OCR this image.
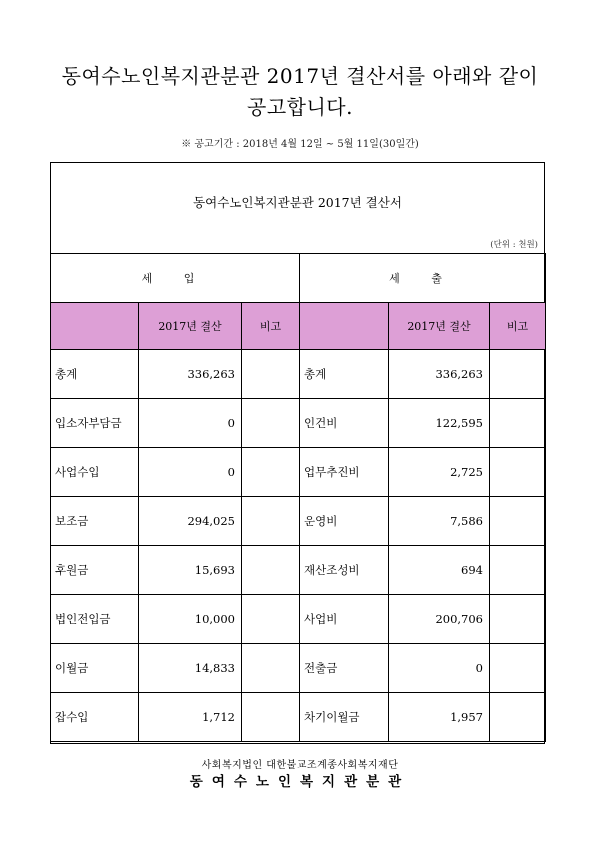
동여수노인복지관분관 2017년 결산서를 아래와 같이
공고합니다.
※ 공고기간 : 2018년 4월 12일 ~ 5월 11일(30일간)
동여수노인복지관분관 2017년 결산서
(단위 : 천원)
세 입			세 출		
	2017년 결산	비고		2017년 결산	비고
총계	336,263		총계	336,263	
입소자부담금	0		인건비	122,595	
사업수입	0		업무추진비	2,725	
보조금	294,025		운영비	7,586	
후원금	15,693		재산조성비	694	
법인전입금	10,000		사업비	200,706	
이월금	14,833		전출금	0	
잡수입	1,712		차기이월금	1,957	
사회복지법인 대한불교조계종사회복지재단
동여수노인복지관분관
